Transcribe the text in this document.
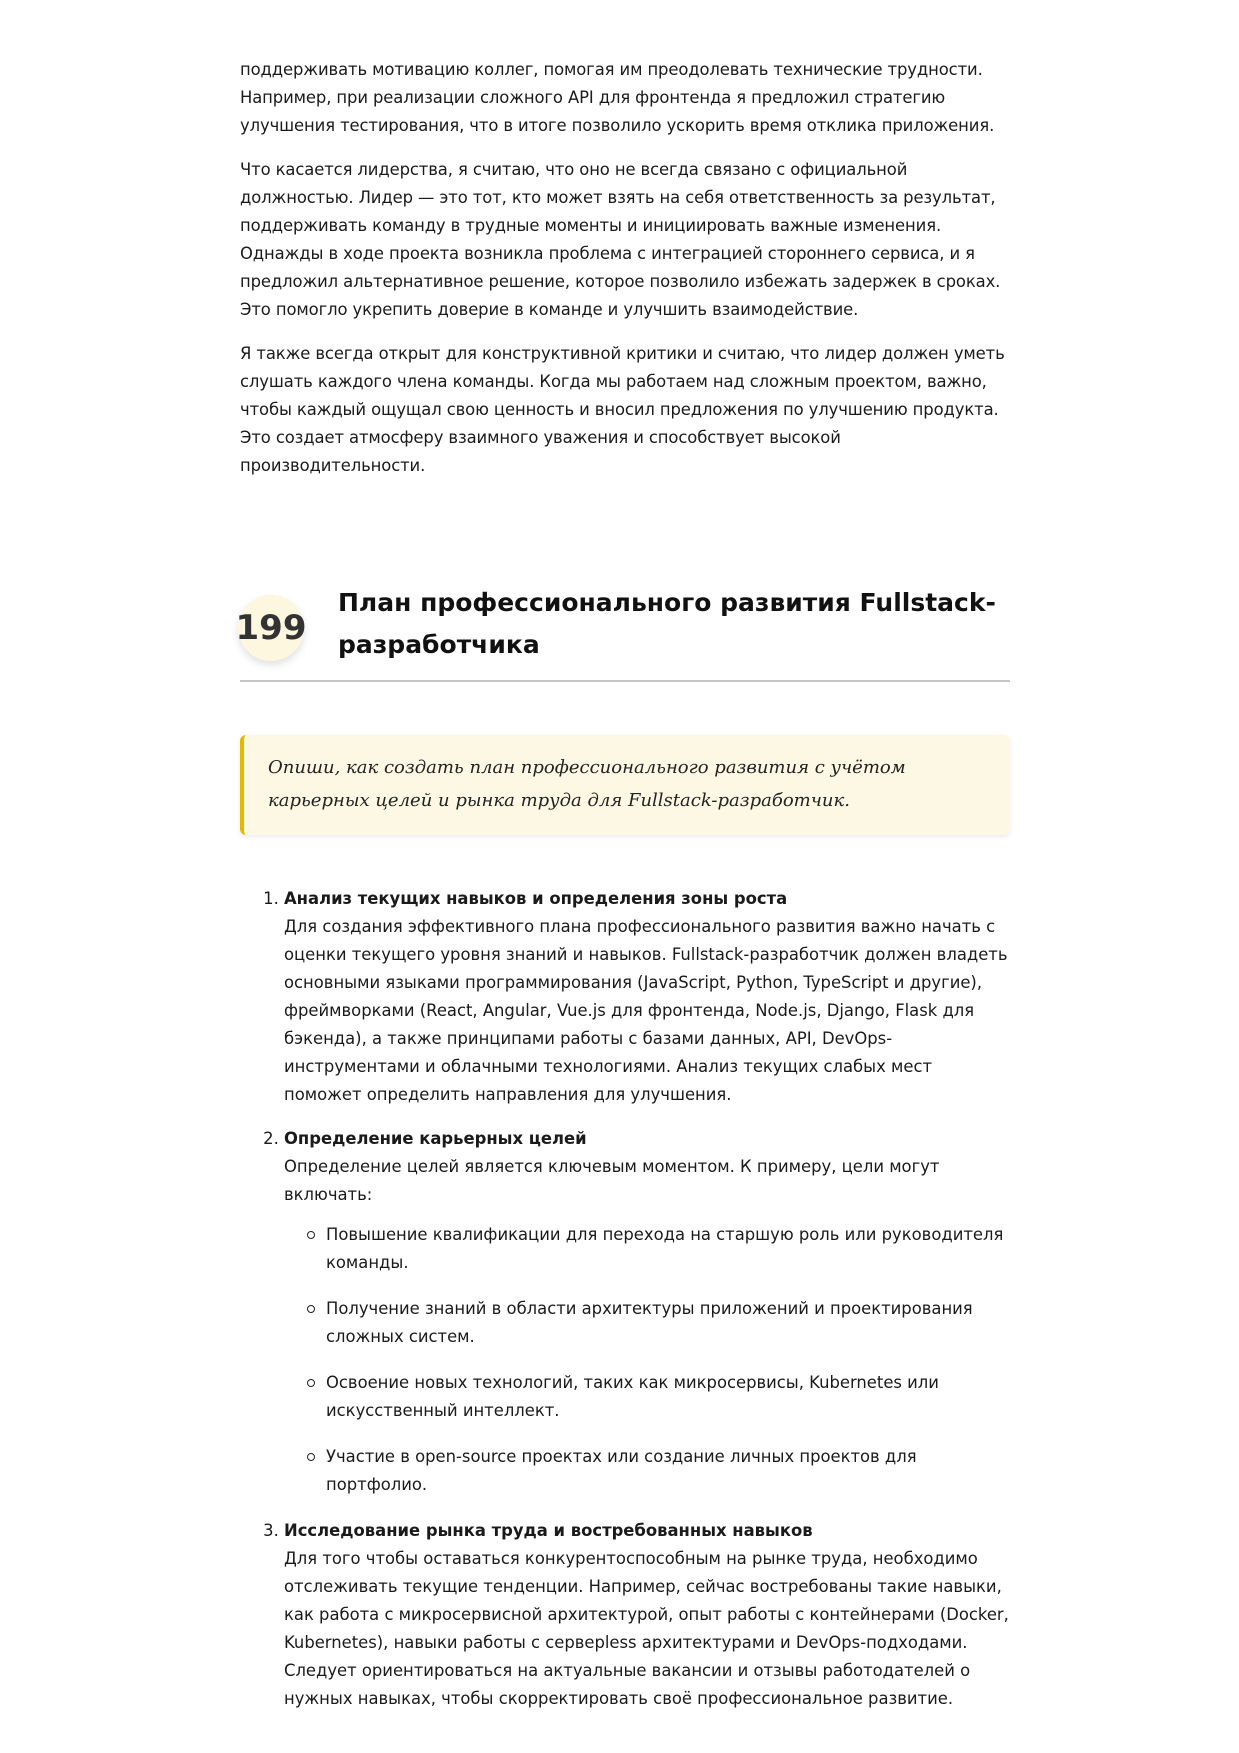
поддерживать мотивацию коллег, помогая им преодолевать технические трудности. Например, при реализации сложного API для фронтенда я предложил стратегию улучшения тестирования, что в итоге позволило ускорить время отклика приложения.

Что касается лидерства, я считаю, что оно не всегда связано с официальной должностью. Лидер — это тот, кто может взять на себя ответственность за результат, поддерживать команду в трудные моменты и инициировать важные изменения. Однажды в ходе проекта возникла проблема с интеграцией стороннего сервиса, и я предложил альтернативное решение, которое позволило избежать задержек в сроках. Это помогло укрепить доверие в команде и улучшить взаимодействие.

Я также всегда открыт для конструктивной критики и считаю, что лидер должен уметь слушать каждого члена команды. Когда мы работаем над сложным проектом, важно, чтобы каждый ощущал свою ценность и вносил предложения по улучшению продукта. Это создает атмосферу взаимного уважения и способствует высокой производительности.

199
План профессионального развития Fullstack-разработчика
Опиши, как создать план профессионального развития с учётом карьерных целей и рынка труда для Fullstack-разработчик.
1. Анализ текущих навыков и определения зоны роста
Для создания эффективного плана профессионального развития важно начать с оценки текущего уровня знаний и навыков. Fullstack-разработчик должен владеть основными языками программирования (JavaScript, Python, TypeScript и другие), фреймворками (React, Angular, Vue.js для фронтенда, Node.js, Django, Flask для бэкенда), а также принципами работы с базами данных, API, DevOps-инструментами и облачными технологиями. Анализ текущих слабых мест поможет определить направления для улучшения.
2. Определение карьерных целей
Определение целей является ключевым моментом. К примеру, цели могут включать:
Повышение квалификации для перехода на старшую роль или руководителя команды.
Получение знаний в области архитектуры приложений и проектирования сложных систем.
Освоение новых технологий, таких как микросервисы, Kubernetes или искусственный интеллект.
Участие в open-source проектах или создание личных проектов для портфолио.
3. Исследование рынка труда и востребованных навыков
Для того чтобы оставаться конкурентоспособным на рынке труда, необходимо отслеживать текущие тенденции. Например, сейчас востребованы такие навыки, как работа с микросервисной архитектурой, опыт работы с контейнерами (Docker, Kubernetes), навыки работы с серверless архитектурами и DevOps-подходами. Следует ориентироваться на актуальные вакансии и отзывы работодателей о нужных навыках, чтобы скорректировать своё профессиональное развитие.
